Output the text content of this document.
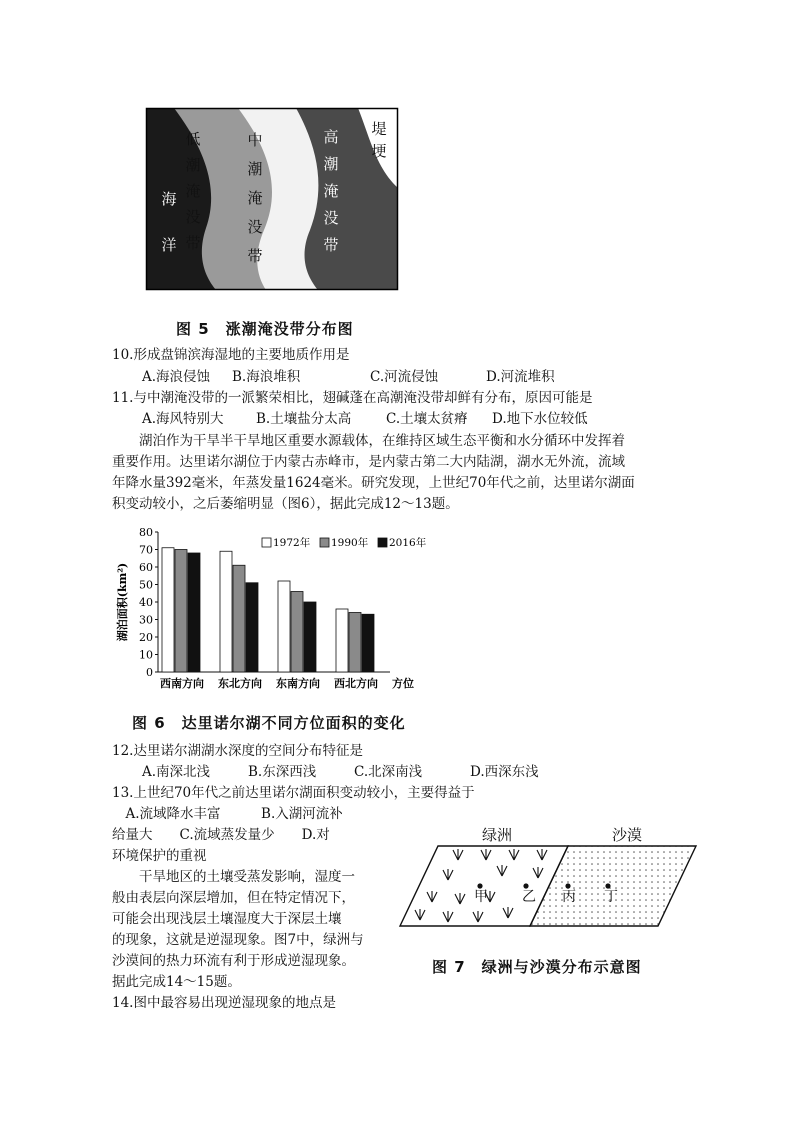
海洋
低潮淹没带
中潮淹没带
高潮淹没带
堤埂
图 5　涨潮淹没带分布图
10.形成盘锦滨海湿地的主要地质作用是
A.海浪侵蚀 B.海浪堆积	C.河流侵蚀	D.河流堆积
11.与中潮淹没带的一派繁荣相比，翅碱蓬在高潮淹没带却鲜有分布，原因可能是
A.海风特别大 B.土壤盐分太高	C.土壤太贫瘠 D.地下水位较低
　　湖泊作为干旱半干旱地区重要水源载体，在维持区域生态平衡和水分循环中发挥着
重要作用。达里诺尔湖位于内蒙古赤峰市，是内蒙古第二大内陆湖，湖水无外流，流域
年降水量392毫米，年蒸发量1624毫米。研究发现，上世纪70年代之前，达里诺尔湖面
积变动较小，之后萎缩明显（图6），据此完成12～13题。
0
10
20
30
40
50
60
70
80
湖泊面积(km²)
西南方向 东北方向 东南方向 西北方向 方位
1972年 1990年 2016年
图 6　达里诺尔湖不同方位面积的变化
12.达里诺尔湖湖水深度的空间分布特征是
A.南深北浅	B.东深西浅	C.北深南浅	D.西深东浅
13.上世纪70年代之前达里诺尔湖面积变动较小，主要得益于
　A.流域降水丰富　　　B.入湖河流补
给量大　　C.流域蒸发量少　　D.对
环境保护的重视
　　干旱地区的土壤受蒸发影响，湿度一
般由表层向深层增加，但在特定情况下，
可能会出现浅层土壤湿度大于深层土壤
的现象，这就是逆湿现象。图7中，绿洲与
沙漠间的热力环流有利于形成逆湿现象。
据此完成14～15题。
14.图中最容易出现逆湿现象的地点是
绿洲	沙漠
甲 乙 丙 丁
图 7　绿洲与沙漠分布示意图
